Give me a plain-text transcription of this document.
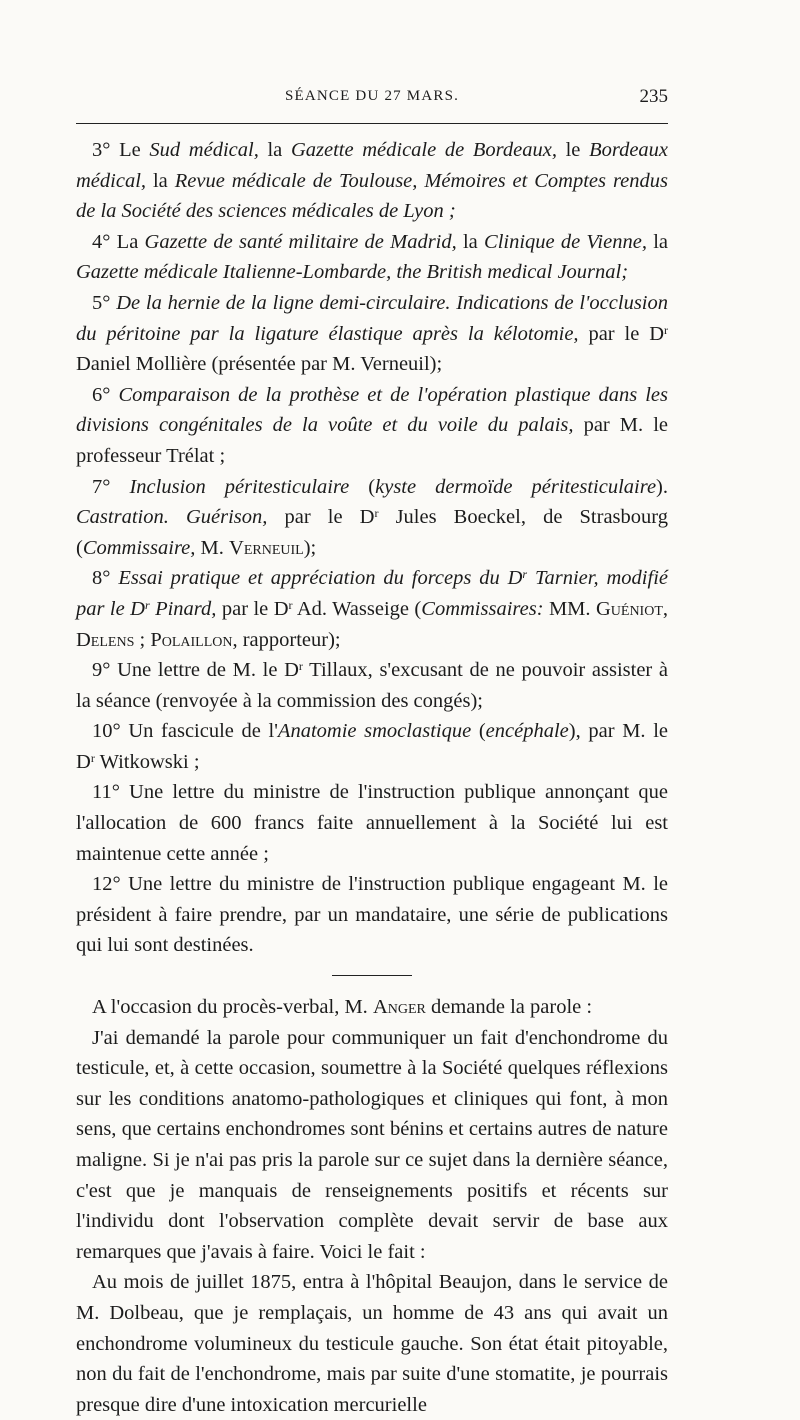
SÉANCE DU 27 MARS.	235

3° Le Sud médical, la Gazette médicale de Bordeaux, le Bordeaux médical, la Revue médicale de Toulouse, Mémoires et Comptes rendus de la Société des sciences médicales de Lyon ;

4° La Gazette de santé militaire de Madrid, la Clinique de Vienne, la Gazette médicale Italienne-Lombarde, the British medical Journal;

5° De la hernie de la ligne demi-circulaire. Indications de l'occlusion du péritoine par la ligature élastique après la kélotomie, par le $D^r$ Daniel Mollière (présentée par M. Verneuil);

6° Comparaison de la prothèse et de l'opération plastique dans les divisions congénitales de la voûte et du voile du palais, par M. le professeur Trélat ;

7° Inclusion péritesticulaire (kyste dermoïde péritesticulaire). Castration. Guérison, par le $D^r$ Jules Boeckel, de Strasbourg (Commissaire, M. Verneuil);

8° Essai pratique et appréciation du forceps du $D^r$ Tarnier, modifié par le $D^r$ Pinard, par le $D^r$ Ad. Wasseige (Commissaires: MM. Guéniot, Delens ; Polaillon, rapporteur);

9° Une lettre de M. le $D^r$ Tillaux, s'excusant de ne pouvoir assister à la séance (renvoyée à la commission des congés);

10° Un fascicule de l'Anatomie smoclastique (encéphale), par M. le $D^r$ Witkowski ;

11° Une lettre du ministre de l'instruction publique annonçant que l'allocation de 600 francs faite annuellement à la Société lui est maintenue cette année ;

12° Une lettre du ministre de l'instruction publique engageant M. le président à faire prendre, par un mandataire, une série de publications qui lui sont destinées.

A l'occasion du procès-verbal, M. Anger demande la parole :

J'ai demandé la parole pour communiquer un fait d'enchondrome du testicule, et, à cette occasion, soumettre à la Société quelques réflexions sur les conditions anatomo-pathologiques et cliniques qui font, à mon sens, que certains enchondromes sont bénins et certains autres de nature maligne. Si je n'ai pas pris la parole sur ce sujet dans la dernière séance, c'est que je manquais de renseignements positifs et récents sur l'individu dont l'observation complète devait servir de base aux remarques que j'avais à faire. Voici le fait :

Au mois de juillet 1875, entra à l'hôpital Beaujon, dans le service de M. Dolbeau, que je remplaçais, un homme de 43 ans qui avait un enchondrome volumineux du testicule gauche. Son état était pitoyable, non du fait de l'enchondrome, mais par suite d'une stomatite, je pourrais presque dire d'une intoxication mercurielle
